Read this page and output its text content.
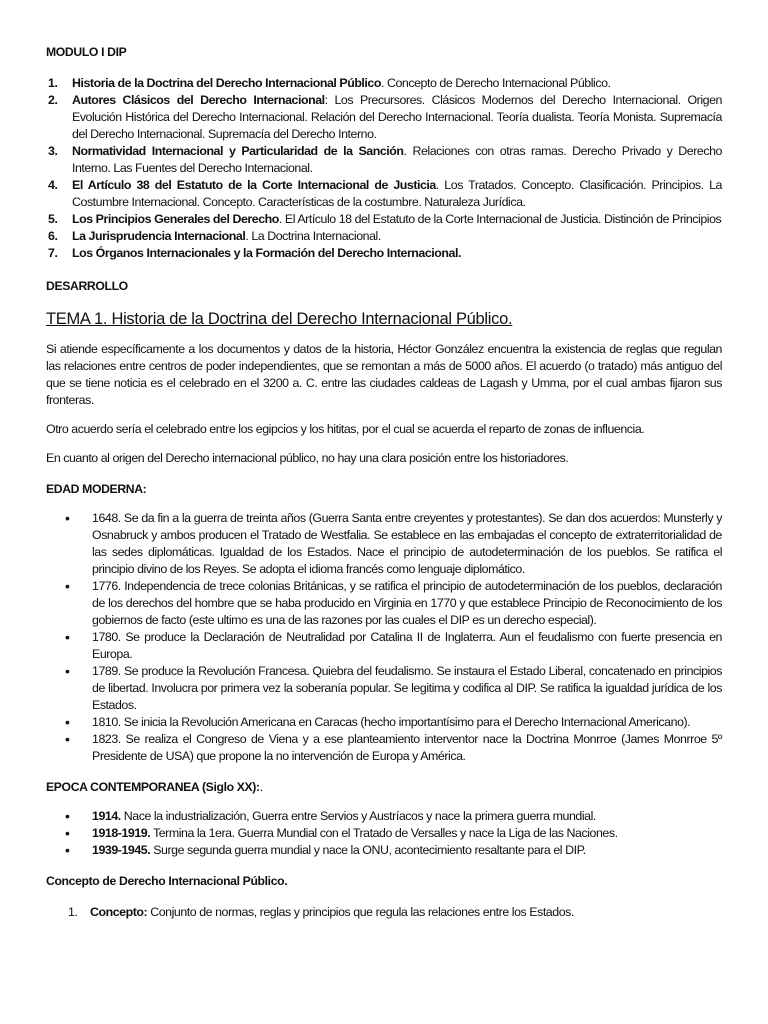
MODULO I DIP
1. Historia de la Doctrina del Derecho Internacional Público. Concepto de Derecho Internacional Público.
2. Autores Clásicos del Derecho Internacional: Los Precursores. Clásicos Modernos del Derecho Internacional. Origen Evolución Histórica del Derecho Internacional. Relación del Derecho Internacional. Teoría dualista. Teoría Monista. Supremacía del Derecho Internacional. Supremacía del Derecho Interno.
3. Normatividad Internacional y Particularidad de la Sanción. Relaciones con otras ramas. Derecho Privado y Derecho Interno. Las Fuentes del Derecho Internacional.
4. El Artículo 38 del Estatuto de la Corte Internacional de Justicia. Los Tratados. Concepto. Clasificación. Principios. La Costumbre Internacional. Concepto. Características de la costumbre. Naturaleza Jurídica.
5. Los Principios Generales del Derecho. El Artículo 18 del Estatuto de la Corte Internacional de Justicia. Distinción de Principios
6. La Jurisprudencia Internacional. La Doctrina Internacional.
7. Los Órganos Internacionales y la Formación del Derecho Internacional.
DESARROLLO
TEMA 1. Historia de la Doctrina del Derecho Internacional Público.

Si atiende específicamente a los documentos y datos de la historia, Héctor González encuentra la existencia de reglas que regulan las relaciones entre centros de poder independientes, que se remontan a más de 5000 años. El acuerdo (o tratado) más antiguo del que se tiene noticia es el celebrado en el 3200 a. C. entre las ciudades caldeas de Lagash y Umma, por el cual ambas fijaron sus fronteras.

Otro acuerdo sería el celebrado entre los egipcios y los hititas, por el cual se acuerda el reparto de zonas de influencia.

En cuanto al origen del Derecho internacional público, no hay una clara posición entre los historiadores.

EDAD MODERNA:
• 1648. Se da fin a la guerra de treinta años (Guerra Santa entre creyentes y protestantes). Se dan dos acuerdos: Munsterly y Osnabruck y ambos producen el Tratado de Westfalia. Se establece en las embajadas el concepto de extraterritorialidad de las sedes diplomáticas. Igualdad de los Estados. Nace el principio de autodeterminación de los pueblos. Se ratifica el principio divino de los Reyes. Se adopta el idioma francés como lenguaje diplomático.
• 1776. Independencia de trece colonias Británicas, y se ratifica el principio de autodeterminación de los pueblos, declaración de los derechos del hombre que se haba producido en Virginia en 1770 y que establece Principio de Reconocimiento de los gobiernos de facto (este ultimo es una de las razones por las cuales el DIP es un derecho especial).
• 1780. Se produce la Declaración de Neutralidad por Catalina II de Inglaterra. Aun el feudalismo con fuerte presencia en Europa.
• 1789. Se produce la Revolución Francesa. Quiebra del feudalismo. Se instaura el Estado Liberal, concatenado en principios de libertad. Involucra por primera vez la soberanía popular. Se legitima y codifica al DIP. Se ratifica la igualdad jurídica de los Estados.
• 1810. Se inicia la Revolución Americana en Caracas (hecho importantísimo para el Derecho Internacional Americano).
• 1823. Se realiza el Congreso de Viena y a ese planteamiento interventor nace la Doctrina Monrroe (James Monrroe 5º Presidente de USA) que propone la no intervención de Europa y América.
EPOCA CONTEMPORANEA (Siglo XX):.
• 1914. Nace la industrialización, Guerra entre Servios y Austríacos y nace la primera guerra mundial.
• 1918-1919. Termina la 1era. Guerra Mundial con el Tratado de Versalles y nace la Liga de las Naciones.
• 1939-1945. Surge segunda guerra mundial y nace la ONU, acontecimiento resaltante para el DIP.
Concepto de Derecho Internacional Público.
1. Concepto: Conjunto de normas, reglas y principios que regula las relaciones entre los Estados.
